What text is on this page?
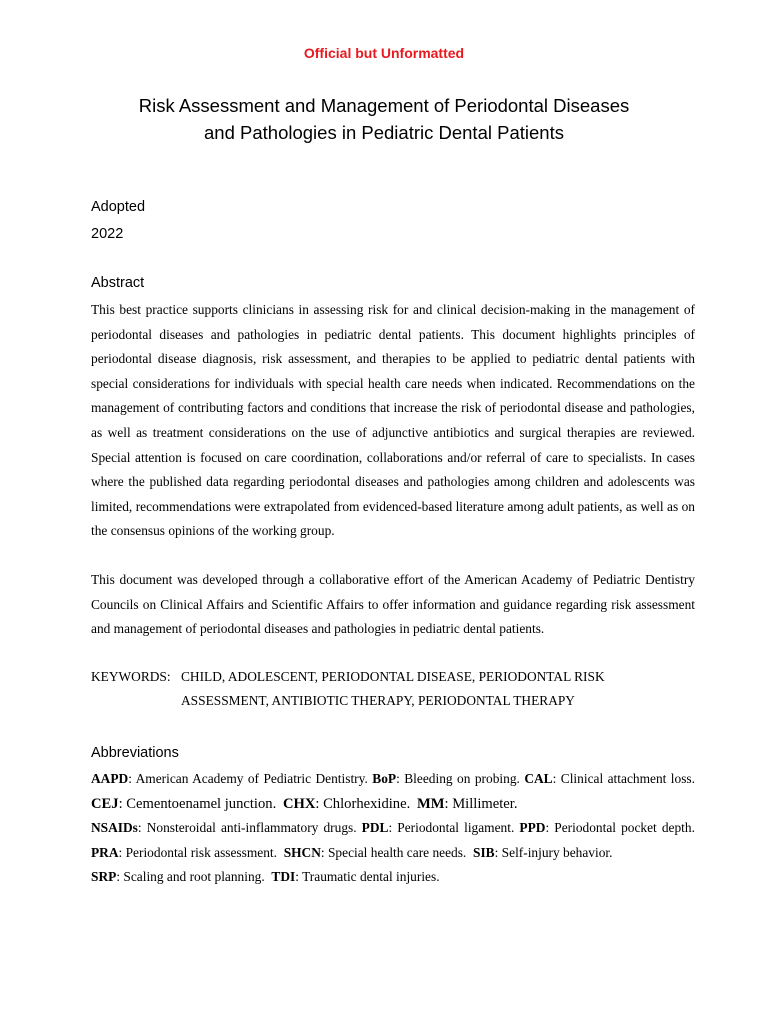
Official but Unformatted
Risk Assessment and Management of Periodontal Diseases
and Pathologies in Pediatric Dental Patients
Adopted
2022
Abstract

This best practice supports clinicians in assessing risk for and clinical decision-making in the management of periodontal diseases and pathologies in pediatric dental patients. This document highlights principles of periodontal disease diagnosis, risk assessment, and therapies to be applied to pediatric dental patients with special considerations for individuals with special health care needs when indicated. Recommendations on the management of contributing factors and conditions that increase the risk of periodontal disease and pathologies, as well as treatment considerations on the use of adjunctive antibiotics and surgical therapies are reviewed. Special attention is focused on care coordination, collaborations and/or referral of care to specialists. In cases where the published data regarding periodontal diseases and pathologies among children and adolescents was limited, recommendations were extrapolated from evidenced-based literature among adult patients, as well as on the consensus opinions of the working group.

This document was developed through a collaborative effort of the American Academy of Pediatric Dentistry Councils on Clinical Affairs and Scientific Affairs to offer information and guidance regarding risk assessment and management of periodontal diseases and pathologies in pediatric dental patients.

KEYWORDS: CHILD, ADOLESCENT, PERIODONTAL DISEASE, PERIODONTAL RISK
ASSESSMENT, ANTIBIOTIC THERAPY, PERIODONTAL THERAPY
Abbreviations
AAPD: American Academy of Pediatric Dentistry. BoP: Bleeding on probing. CAL: Clinical attachment loss.
CEJ: Cementoenamel junction. CHX: Chlorhexidine. MM: Millimeter.
NSAIDs: Nonsteroidal anti-inflammatory drugs. PDL: Periodontal ligament. PPD: Periodontal pocket depth.
PRA: Periodontal risk assessment. SHCN: Special health care needs. SIB: Self-injury behavior.
SRP: Scaling and root planning. TDI: Traumatic dental injuries.
